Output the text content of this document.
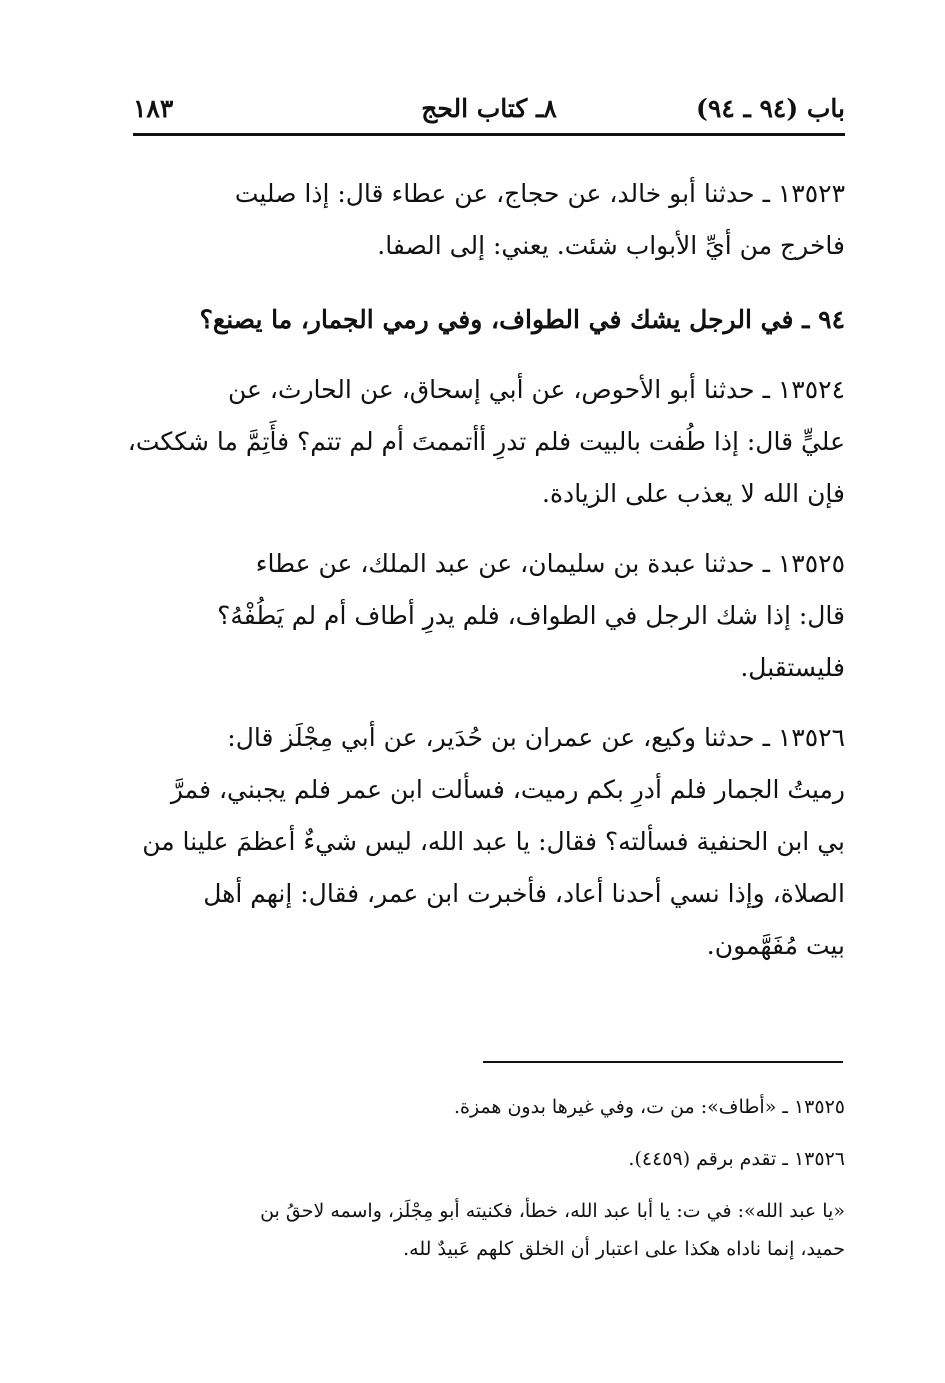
باب (٩٤ ـ ٩٤)
٨ـ كتاب الحج
١٨٣
١٣٥٢٣ ـ حدثنا أبو خالد، عن حجاج، عن عطاء قال: إذا صليت
فاخرج من أيِّ الأبواب شئت. يعني: إلى الصفا.
٩٤ ـ في الرجل يشك في الطواف، وفي رمي الجمار، ما يصنع؟
١٣٥٢٤ ـ حدثنا أبو الأحوص، عن أبي إسحاق، عن الحارث، عن
عليٍّ قال: إذا طُفت بالبيت فلم تدرِ أأتممتَ أم لم تتم؟ فأَتِمَّ ما شككت،
فإن الله لا يعذب على الزيادة.
١٣٥٢٥ ـ حدثنا عبدة بن سليمان، عن عبد الملك، عن عطاء
قال: إذا شك الرجل في الطواف، فلم يدرِ أطاف أم لم يَطُفْهُ؟
فليستقبل.
١٣٥٢٦ ـ حدثنا وكيع، عن عمران بن حُدَير، عن أبي مِجْلَز قال:
رميتُ الجمار فلم أدرِ بكم رميت، فسألت ابن عمر فلم يجبني، فمرَّ
بي ابن الحنفية فسألته؟ فقال: يا عبد الله، ليس شيءٌ أعظمَ علينا من
الصلاة، وإذا نسي أحدنا أعاد، فأخبرت ابن عمر، فقال: إنهم أهل
بيت مُفَهَّمون.
١٣٥٢٥ ـ «أطاف»: من ت، وفي غيرها بدون همزة.
١٣٥٢٦ ـ تقدم برقم (٤٤٥٩).
«يا عبد الله»: في ت: يا أبا عبد الله، خطأ، فكنيته أبو مِجْلَز، واسمه لاحقُ بن
حميد، إنما ناداه هكذا على اعتبار أن الخلق كلهم عَبيدٌ لله.
